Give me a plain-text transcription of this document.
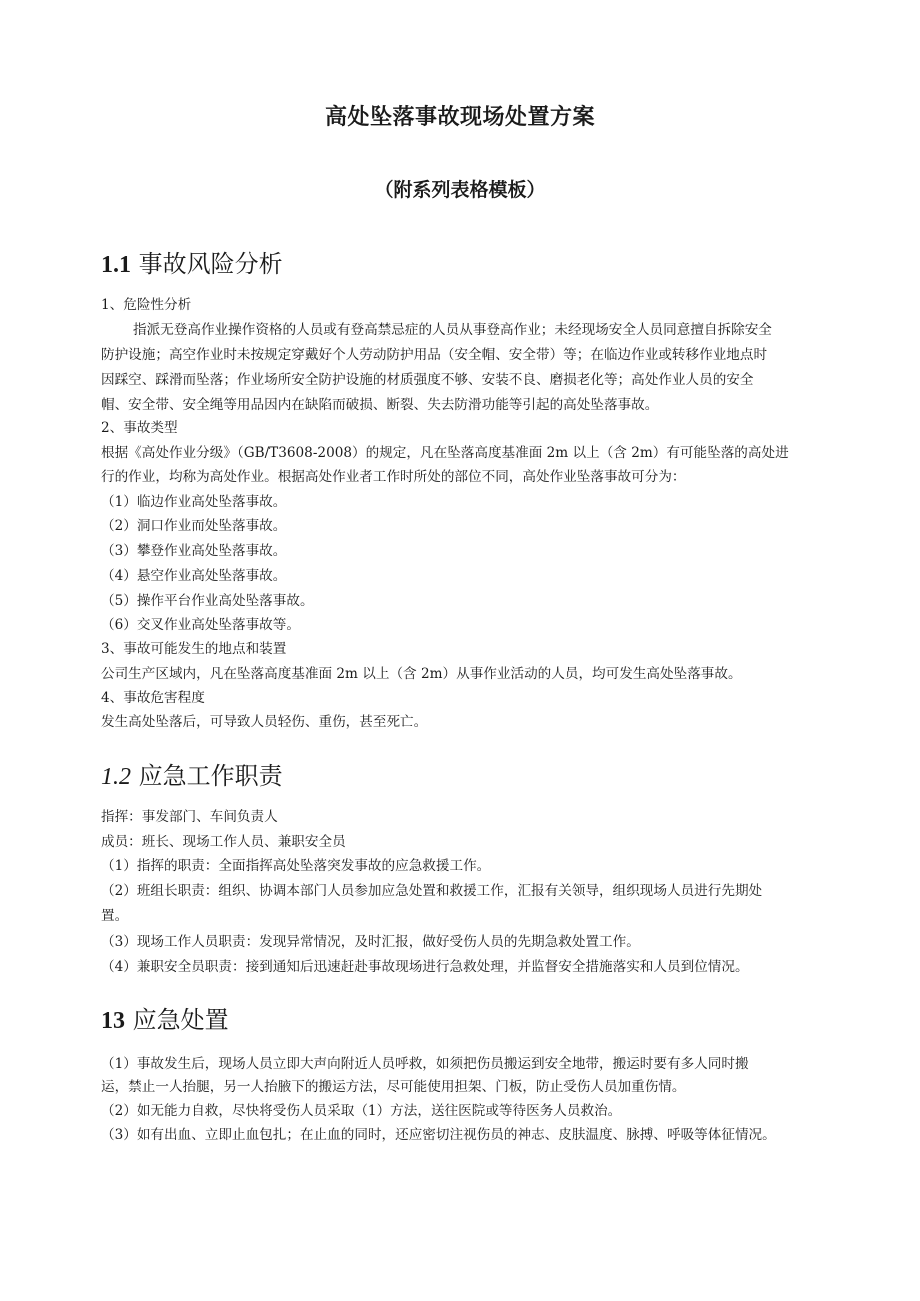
高处坠落事故现场处置方案
（附系列表格模板）
1.1 事故风险分析
1、危险性分析
指派无登高作业操作资格的人员或有登高禁忌症的人员从事登高作业；未经现场安全人员同意擅自拆除安全
防护设施；高空作业时未按规定穿戴好个人劳动防护用品（安全帽、安全带）等；在临边作业或转移作业地点时
因踩空、踩滑而坠落；作业场所安全防护设施的材质强度不够、安装不良、磨损老化等；高处作业人员的安全
帽、安全带、安全绳等用品因内在缺陷而破损、断裂、失去防滑功能等引起的高处坠落事故。
2、事故类型
根据《高处作业分级》（GB/T3608-2008）的规定，凡在坠落高度基准面 2m 以上（含 2m）有可能坠落的高处进
行的作业，均称为高处作业。根据高处作业者工作时所处的部位不同，高处作业坠落事故可分为：
（1）临边作业高处坠落事故。
（2）洞口作业而处坠落事故。
（3）攀登作业高处坠落事故。
（4）悬空作业高处坠落事故。
（5）操作平台作业高处坠落事故。
（6）交叉作业高处坠落事故等。
3、事故可能发生的地点和装置
公司生产区域内，凡在坠落高度基准面 2m 以上（含 2m）从事作业活动的人员，均可发生高处坠落事故。
4、事故危害程度
发生高处坠落后，可导致人员轻伤、重伤，甚至死亡。
1.2 应急工作职责
指挥：事发部门、车间负责人
成员：班长、现场工作人员、兼职安全员
（1）指挥的职责：全面指挥高处坠落突发事故的应急救援工作。
（2）班组长职责：组织、协调本部门人员参加应急处置和救援工作，汇报有关领导，组织现场人员进行先期处
置。
（3）现场工作人员职责：发现异常情况，及时汇报，做好受伤人员的先期急救处置工作。
（4）兼职安全员职责：接到通知后迅速赶赴事故现场进行急救处理，并监督安全措施落实和人员到位情况。
13 应急处置
（1）事故发生后，现场人员立即大声向附近人员呼救，如须把伤员搬运到安全地带，搬运时要有多人同时搬
运，禁止一人抬腿，另一人抬腋下的搬运方法，尽可能使用担架、门板，防止受伤人员加重伤情。
（2）如无能力自救，尽快将受伤人员采取（1）方法，送往医院或等待医务人员救治。
（3）如有出血、立即止血包扎；在止血的同时，还应密切注视伤员的神志、皮肤温度、脉搏、呼吸等体征情况。
